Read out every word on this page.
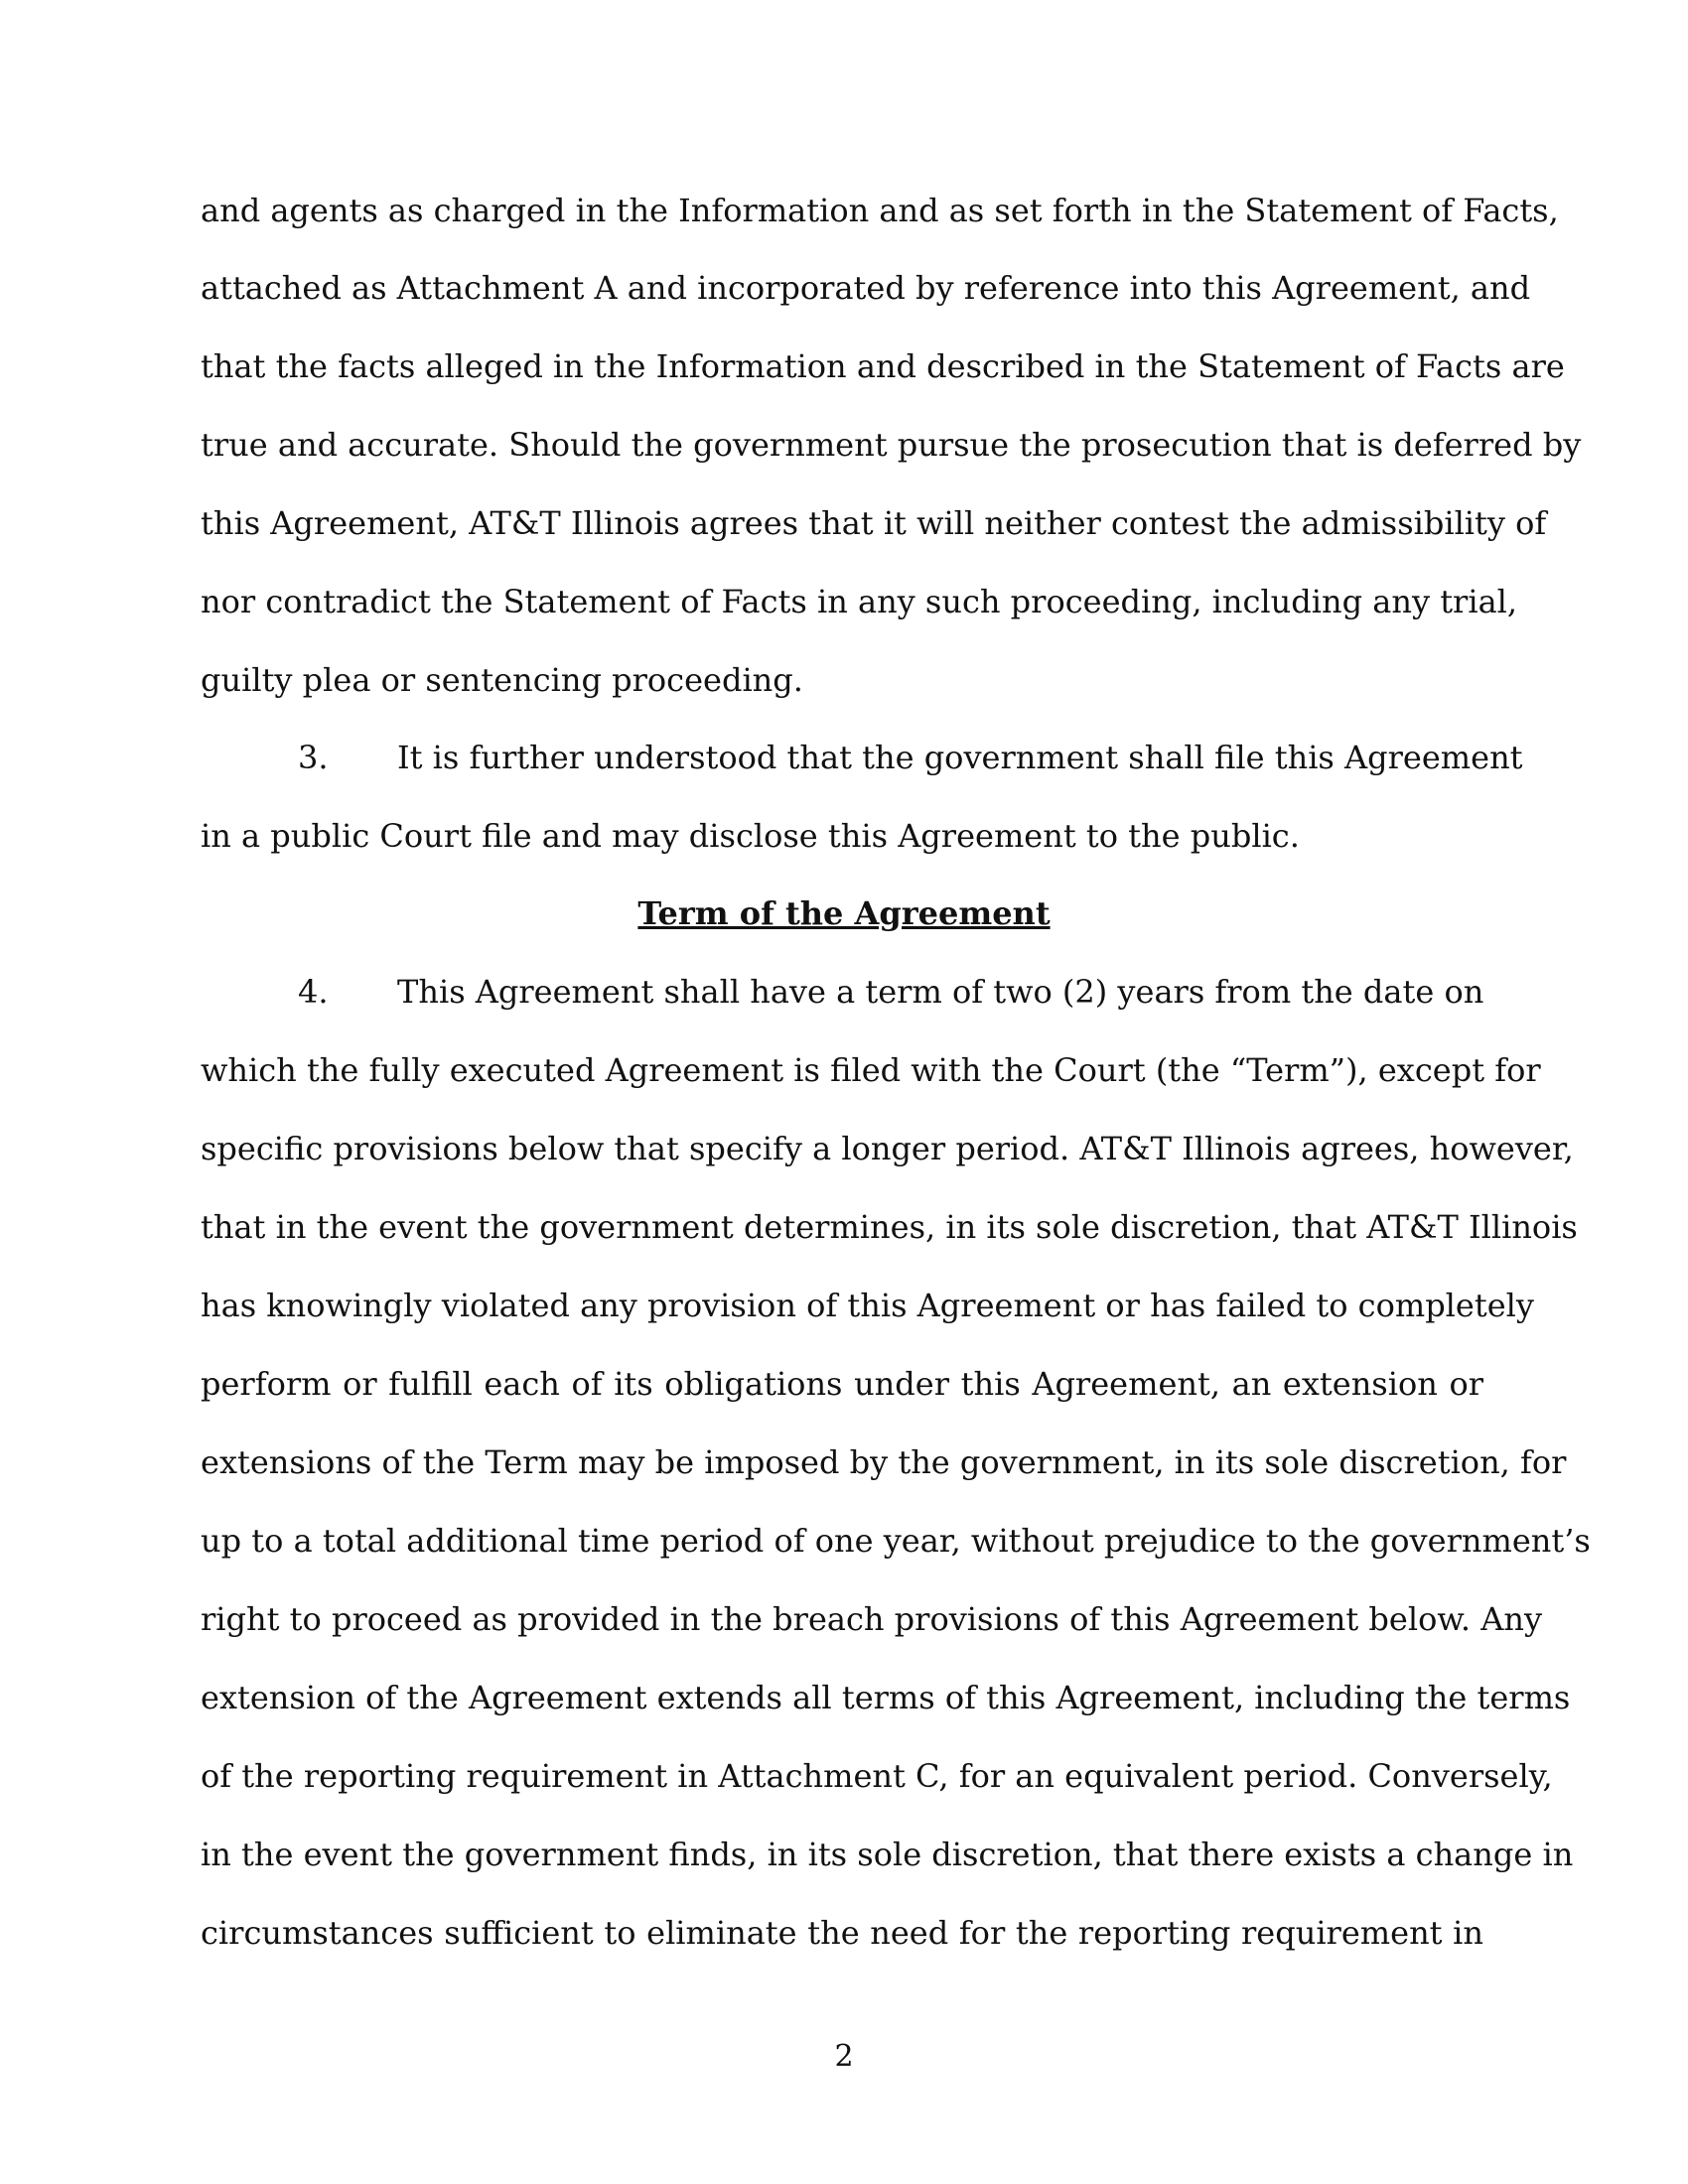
and agents as charged in the Information and as set forth in the Statement of Facts,
attached as Attachment A and incorporated by reference into this Agreement, and
that the facts alleged in the Information and described in the Statement of Facts are
true and accurate. Should the government pursue the prosecution that is deferred by
this Agreement, AT&T Illinois agrees that it will neither contest the admissibility of
nor contradict the Statement of Facts in any such proceeding, including any trial,
guilty plea or sentencing proceeding.
3.	It is further understood that the government shall file this Agreement
in a public Court file and may disclose this Agreement to the public.
Term of the Agreement
4.	This Agreement shall have a term of two (2) years from the date on
which the fully executed Agreement is filed with the Court (the “Term”), except for
specific provisions below that specify a longer period. AT&T Illinois agrees, however,
that in the event the government determines, in its sole discretion, that AT&T Illinois
has knowingly violated any provision of this Agreement or has failed to completely
perform or fulfill each of its obligations under this Agreement, an extension or
extensions of the Term may be imposed by the government, in its sole discretion, for
up to a total additional time period of one year, without prejudice to the government’s
right to proceed as provided in the breach provisions of this Agreement below. Any
extension of the Agreement extends all terms of this Agreement, including the terms
of the reporting requirement in Attachment C, for an equivalent period. Conversely,
in the event the government finds, in its sole discretion, that there exists a change in
circumstances sufficient to eliminate the need for the reporting requirement in
2
